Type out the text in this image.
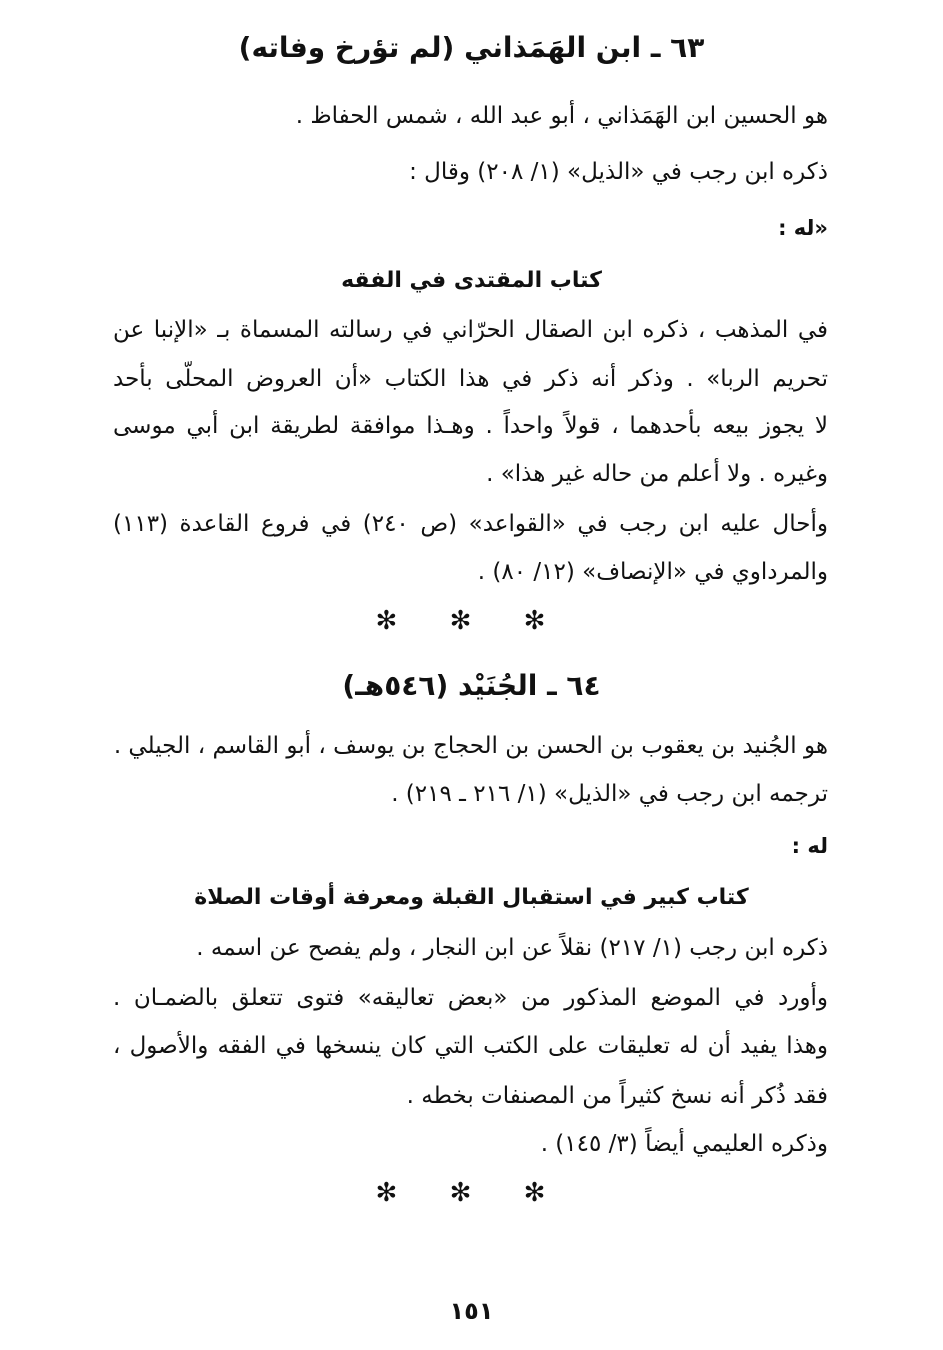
٦٣ ـ ابن الهَمَذاني (لم تؤرخ وفاته)
هو الحسين ابن الهَمَذاني ، أبو عبد الله ، شمس الحفاظ .
ذكره ابن رجب في «الذيل» (١/ ٢٠٨) وقال :
«له :
كتاب المقتدى في الفقه
في المذهب ، ذكره ابن الصقال الحرّاني في رسالته المسماة بـ «الإنبا عن
تحريم الربا» . وذكر أنه ذكر في هذا الكتاب «أن العروض المحلّى بأحد
لا يجوز بيعه بأحدهما ، قولاً واحداً . وهـذا موافقة لطريقة ابن أبي موسى
وغيره . ولا أعلم من حاله غير هذا» .
وأحال عليه ابن رجب في «القواعد» (ص ٢٤٠) في فروع القاعدة (١١٣)
والمرداوي في «الإنصاف» (١٢/ ٨٠) .
✻ ✻ ✻
٦٤ ـ الجُنَيْد (٥٤٦هـ)
هو الجُنيد بن يعقوب بن الحسن بن الحجاج بن يوسف ، أبو القاسم ، الجيلي .
ترجمه ابن رجب في «الذيل» (١/ ٢١٦ ـ ٢١٩) .
له :
كتاب كبير في استقبال القبلة ومعرفة أوقات الصلاة
ذكره ابن رجب (١/ ٢١٧) نقلاً عن ابن النجار ، ولم يفصح عن اسمه .
وأورد في الموضع المذكور من «بعض تعاليقه» فتوى تتعلق بالضمـان .
وهذا يفيد أن له تعليقات على الكتب التي كان ينسخها في الفقه والأصول ،
فقد ذُكر أنه نسخ كثيراً من المصنفات بخطه .
وذكره العليمي أيضاً (٣/ ١٤٥) .
✻ ✻ ✻
١٥١
